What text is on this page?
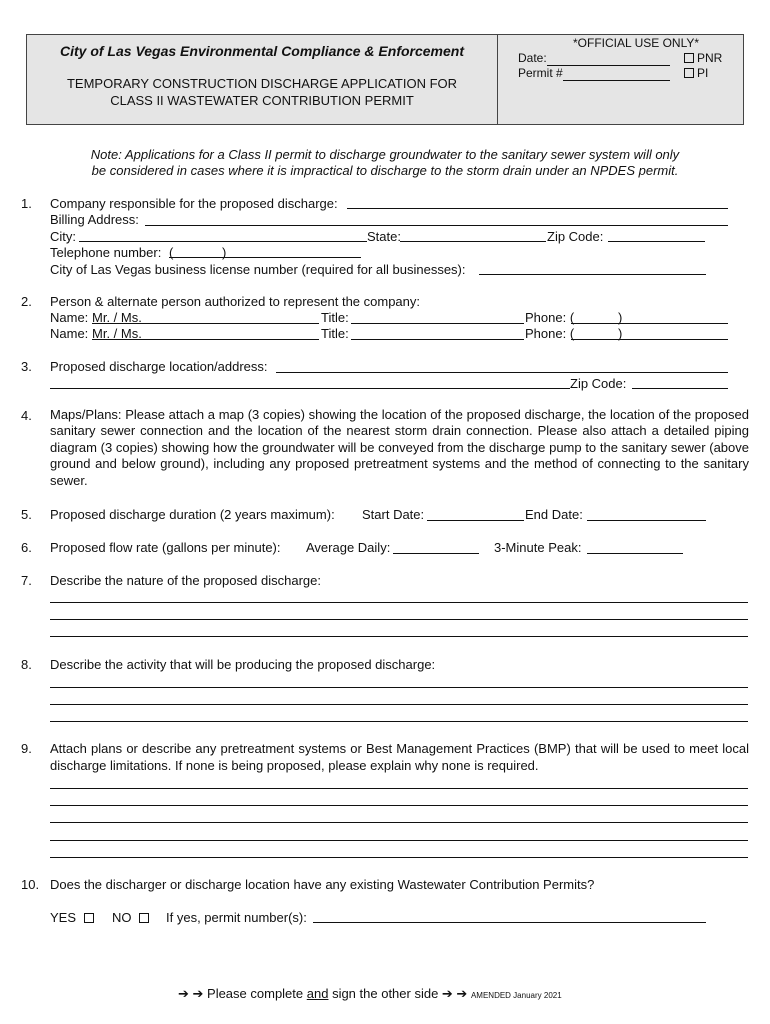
City of Las Vegas Environmental Compliance & Enforcement
TEMPORARY CONSTRUCTION DISCHARGE APPLICATION FOR
CLASS II WASTEWATER CONTRIBUTION PERMIT
*OFFICIAL USE ONLY*
Date:
Permit #
PNR
PI
Note: Applications for a Class II permit to discharge groundwater to the sanitary sewer system will only
be considered in cases where it is impractical to discharge to the storm drain under an NPDES permit.
1. Company responsible for the proposed discharge:
Billing Address:
City:	State:	Zip Code:
Telephone number: (	)
City of Las Vegas business license number (required for all businesses):
2. Person & alternate person authorized to represent the company:
Name: Mr. / Ms.	Title:	Phone: (	)
Name: Mr. / Ms.	Title:	Phone: (	)
3. Proposed discharge location/address:
Zip Code:
4. Maps/Plans: Please attach a map (3 copies) showing the location of the proposed discharge, the location of the proposed sanitary sewer connection and the location of the nearest storm drain connection. Please also attach a detailed piping diagram (3 copies) showing how the groundwater will be conveyed from the discharge pump to the sanitary sewer (above ground and below ground), including any proposed pretreatment systems and the method of connecting to the sanitary sewer.
5. Proposed discharge duration (2 years maximum): Start Date:	End Date:
6. Proposed flow rate (gallons per minute): Average Daily:	3-Minute Peak:
7. Describe the nature of the proposed discharge:
8. Describe the activity that will be producing the proposed discharge:
9. Attach plans or describe any pretreatment systems or Best Management Practices (BMP) that will be used to meet local discharge limitations. If none is being proposed, please explain why none is required.
10. Does the discharger or discharge location have any existing Wastewater Contribution Permits?
YES	NO	If yes, permit number(s):
➔ ➔ Please complete and sign the other side ➔ ➔ AMENDED January 2021
